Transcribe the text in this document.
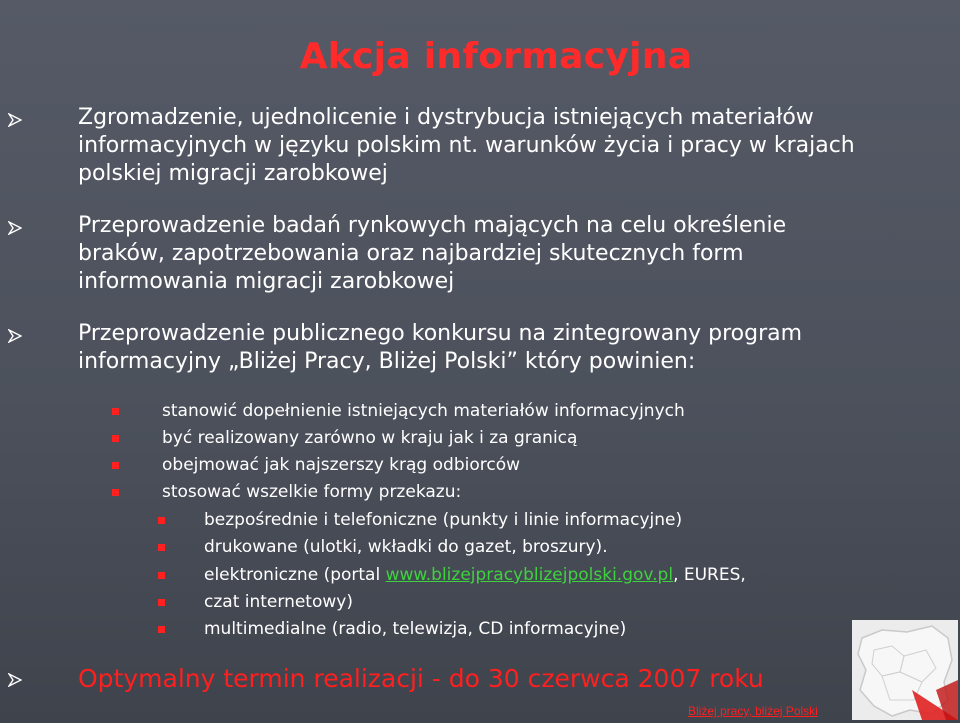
Akcja informacyjna
Zgromadzenie, ujednolicenie i dystrybucja istniejących materiałów
informacyjnych w języku polskim nt. warunków życia i pracy w krajach
polskiej migracji zarobkowej
Przeprowadzenie badań rynkowych mających na celu określenie
braków, zapotrzebowania oraz najbardziej skutecznych form
informowania migracji zarobkowej
Przeprowadzenie publicznego konkursu na zintegrowany program
informacyjny „Bliżej Pracy, Bliżej Polski” który powinien:
stanowić dopełnienie istniejących materiałów informacyjnych
być realizowany zarówno w kraju jak i za granicą
obejmować jak najszerszy krąg odbiorców
stosować wszelkie formy przekazu:
bezpośrednie i telefoniczne (punkty i linie informacyjne)
drukowane (ulotki, wkładki do gazet, broszury).
elektroniczne (portal www.blizejpracyblizejpolski.gov.pl, EURES,
czat internetowy)
multimedialne (radio, telewizja, CD informacyjne)
Optymalny termin realizacji - do 30 czerwca 2007 roku
Bliżej pracy, bliżej Polski
